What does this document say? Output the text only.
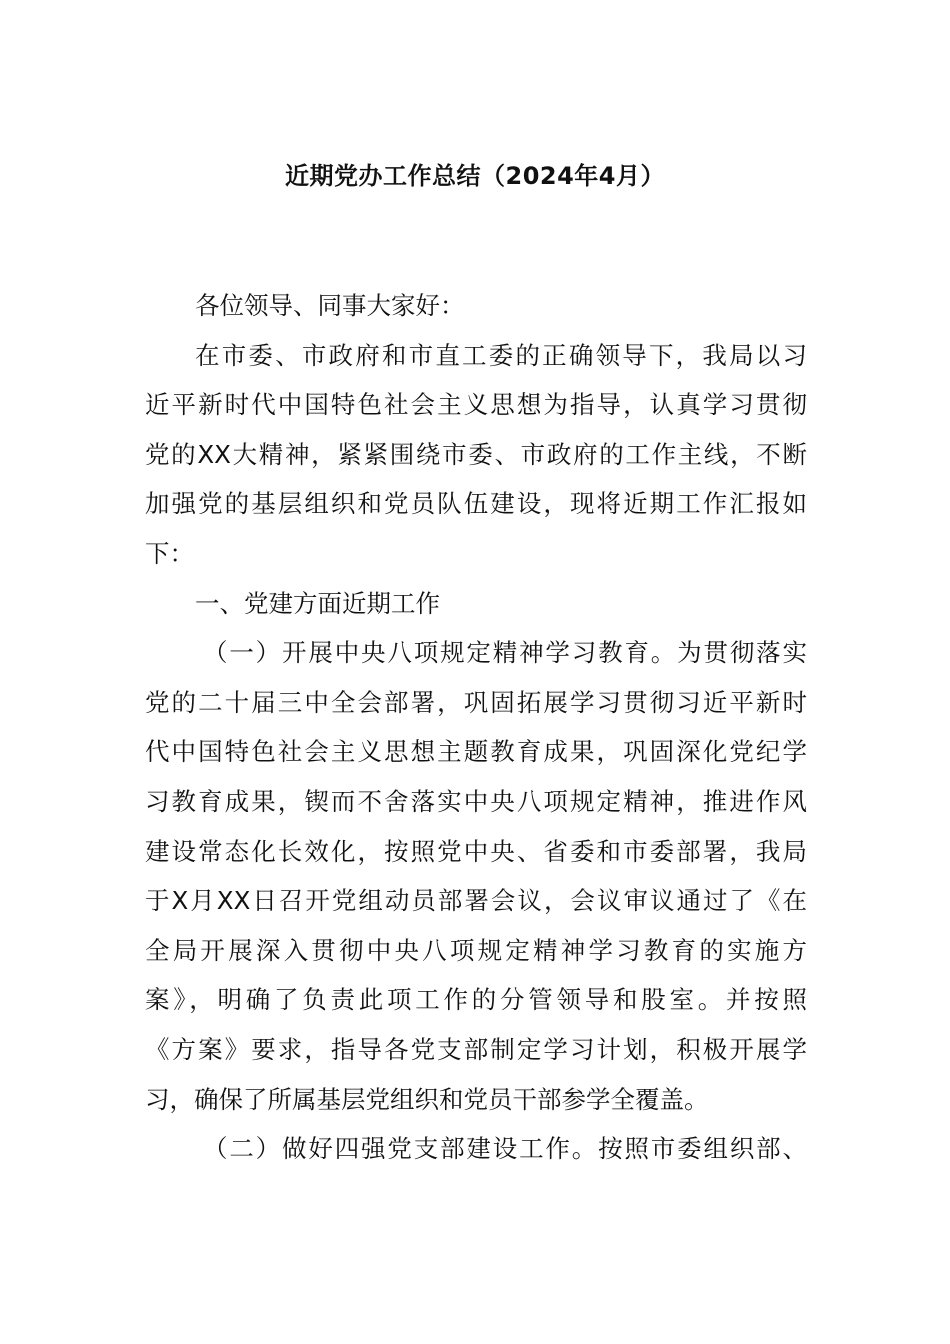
近期党办工作总结（2024年4月）
各位领导、同事大家好：
在市委、市政府和市直工委的正确领导下，我局以习
近平新时代中国特色社会主义思想为指导，认真学习贯彻
党的XX大精神，紧紧围绕市委、市政府的工作主线，不断
加强党的基层组织和党员队伍建设，现将近期工作汇报如
下：
一、党建方面近期工作
（一）开展中央八项规定精神学习教育。为贯彻落实
党的二十届三中全会部署，巩固拓展学习贯彻习近平新时
代中国特色社会主义思想主题教育成果，巩固深化党纪学
习教育成果，锲而不舍落实中央八项规定精神，推进作风
建设常态化长效化，按照党中央、省委和市委部署，我局
于X月XX日召开党组动员部署会议，会议审议通过了《在
全局开展深入贯彻中央八项规定精神学习教育的实施方
案》，明确了负责此项工作的分管领导和股室。并按照
《方案》要求，指导各党支部制定学习计划，积极开展学
习，确保了所属基层党组织和党员干部参学全覆盖。
（二）做好四强党支部建设工作。按照市委组织部、
